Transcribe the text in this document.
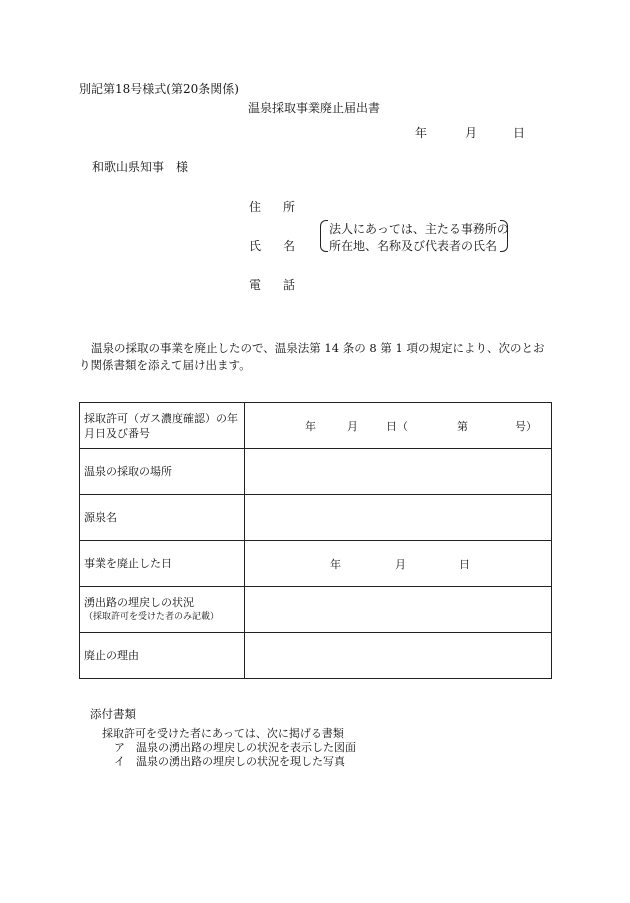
別記第18号様式(第20条関係)
温泉採取事業廃止届出書
年	月	日
和歌山県知事　様
住 所
氏 名
電 話
法人にあっては、主たる事務所の
所在地、名称及び代表者の氏名
温泉の採取の事業を廃止したので、温泉法第 14 条の 8 第 1 項の規定により、次のとおり関係書類を添えて届け出ます。
採取許可（ガス濃度確認）の年月日及び番号	年 月 日（ 第 号）

温泉の採取の場所	
源泉名	
事業を廃止した日	年 月 日

湧出路の埋戻しの状況
（採取許可を受けた者のみ記載）	

廃止の理由	
添付書類
採取許可を受けた者にあっては、次に掲げる書類
ア　温泉の湧出路の埋戻しの状況を表示した図面
イ　温泉の湧出路の埋戻しの状況を現した写真
